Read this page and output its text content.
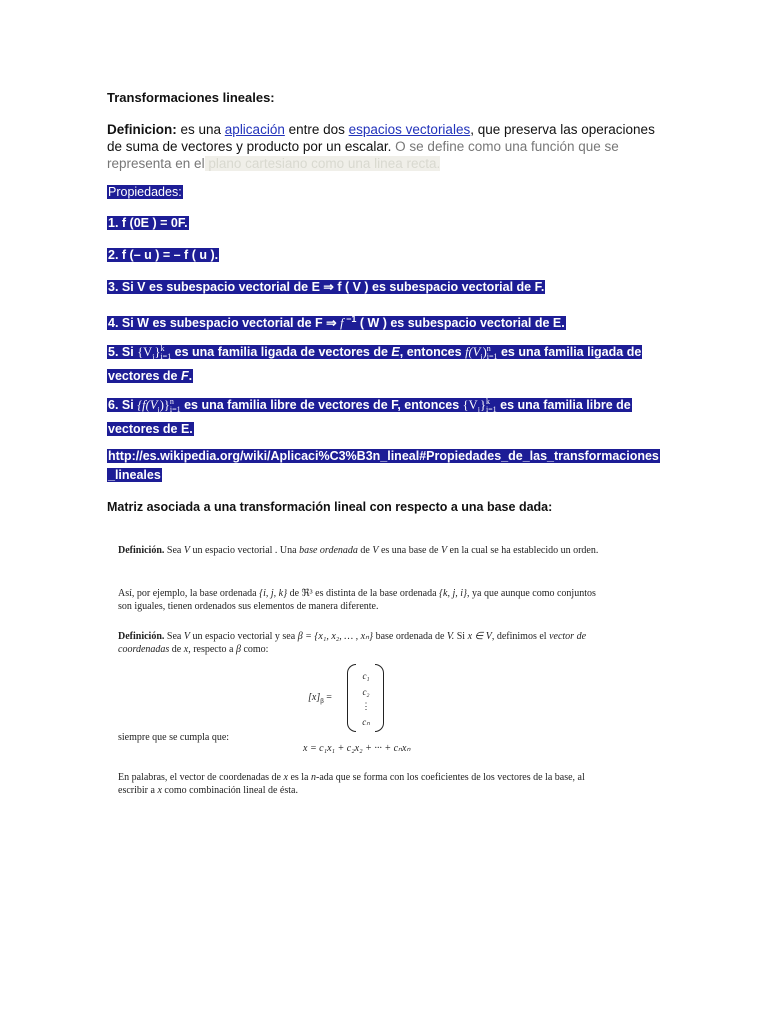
Transformaciones lineales:
Definicion: es una aplicación entre dos espacios vectoriales, que preserva las operaciones de suma de vectores y producto por un escalar. O se define como una función que se representa en el plano cartesiano como una linea recta.
Propiedades:
1. f (0E ) = 0F.
2. f (– u ) = – f ( u ).
3. Si V es subespacio vectorial de E ⇒ f ( V ) es subespacio vectorial de F.
4. Si W es subespacio vectorial de F ⇒ f $^{-1}$ ( W ) es subespacio vectorial de E.
5. Si $\{V_i\}$ k
i=1 es una familia ligada de vectores de E, entonces $f(V_i)$ n
i=1 es una familia ligada de vectores de F.
6. Si $\{f(V_i)\}$ n
i=1 es una familia libre de vectores de F, entonces $\{V_i\}$ k
i=1 es una familia libre de vectores de E.
http://es.wikipedia.org/wiki/Aplicaci%C3%B3n_lineal#Propiedades_de_las_transformaciones_lineales
Matriz asociada a una transformación lineal con respecto a una base dada:
Definición. Sea V un espacio vectorial . Una base ordenada de V es una base de V en la cual se ha establecido un orden.
Así, por ejemplo, la base ordenada {i, j, k} de ℜ³ es distinta de la base ordenada {k, j, i}, ya que aunque como conjuntos son iguales, tienen ordenados sus elementos de manera diferente.
Definición. Sea V un espacio vectorial y sea β = {x₁, x₂, … , xₙ} base ordenada de V. Si x ∈ V, definimos el vector de coordenadas de x, respecto a β como:
$[x]_\beta$ =
c₁
c₂
⋮
cₙ
siempre que se cumpla que:
x = c₁x₁ + c₂x₂ + ··· + cₙxₙ
En palabras, el vector de coordenadas de x es la n-ada que se forma con los coeficientes de los vectores de la base, al escribir a x como combinación lineal de ésta.
